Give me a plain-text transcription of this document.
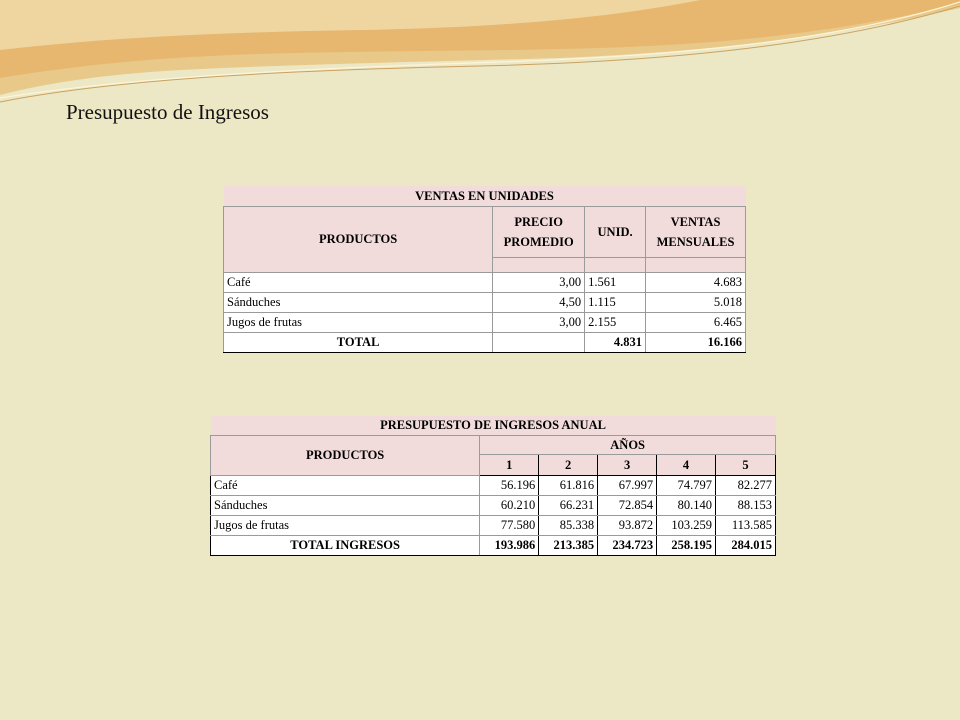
Presupuesto de Ingresos
VENTAS EN UNIDADES			
PRODUCTOS	PRECIO PROMEDIO	UNID.	VENTAS MENSUALES

Café	3,00	1.561	4.683
Sánduches	4,50	1.115	5.018
Jugos de frutas	3,00	2.155	6.465
TOTAL		4.831	16.166
PRESUPUESTO DE INGRESOS ANUAL					
PRODUCTOS	AÑOS				
	1	2	3	4	5
Café	56.196	61.816	67.997	74.797	82.277
Sánduches	60.210	66.231	72.854	80.140	88.153
Jugos de frutas	77.580	85.338	93.872	103.259	113.585
TOTAL INGRESOS	193.986	213.385	234.723	258.195	284.015
